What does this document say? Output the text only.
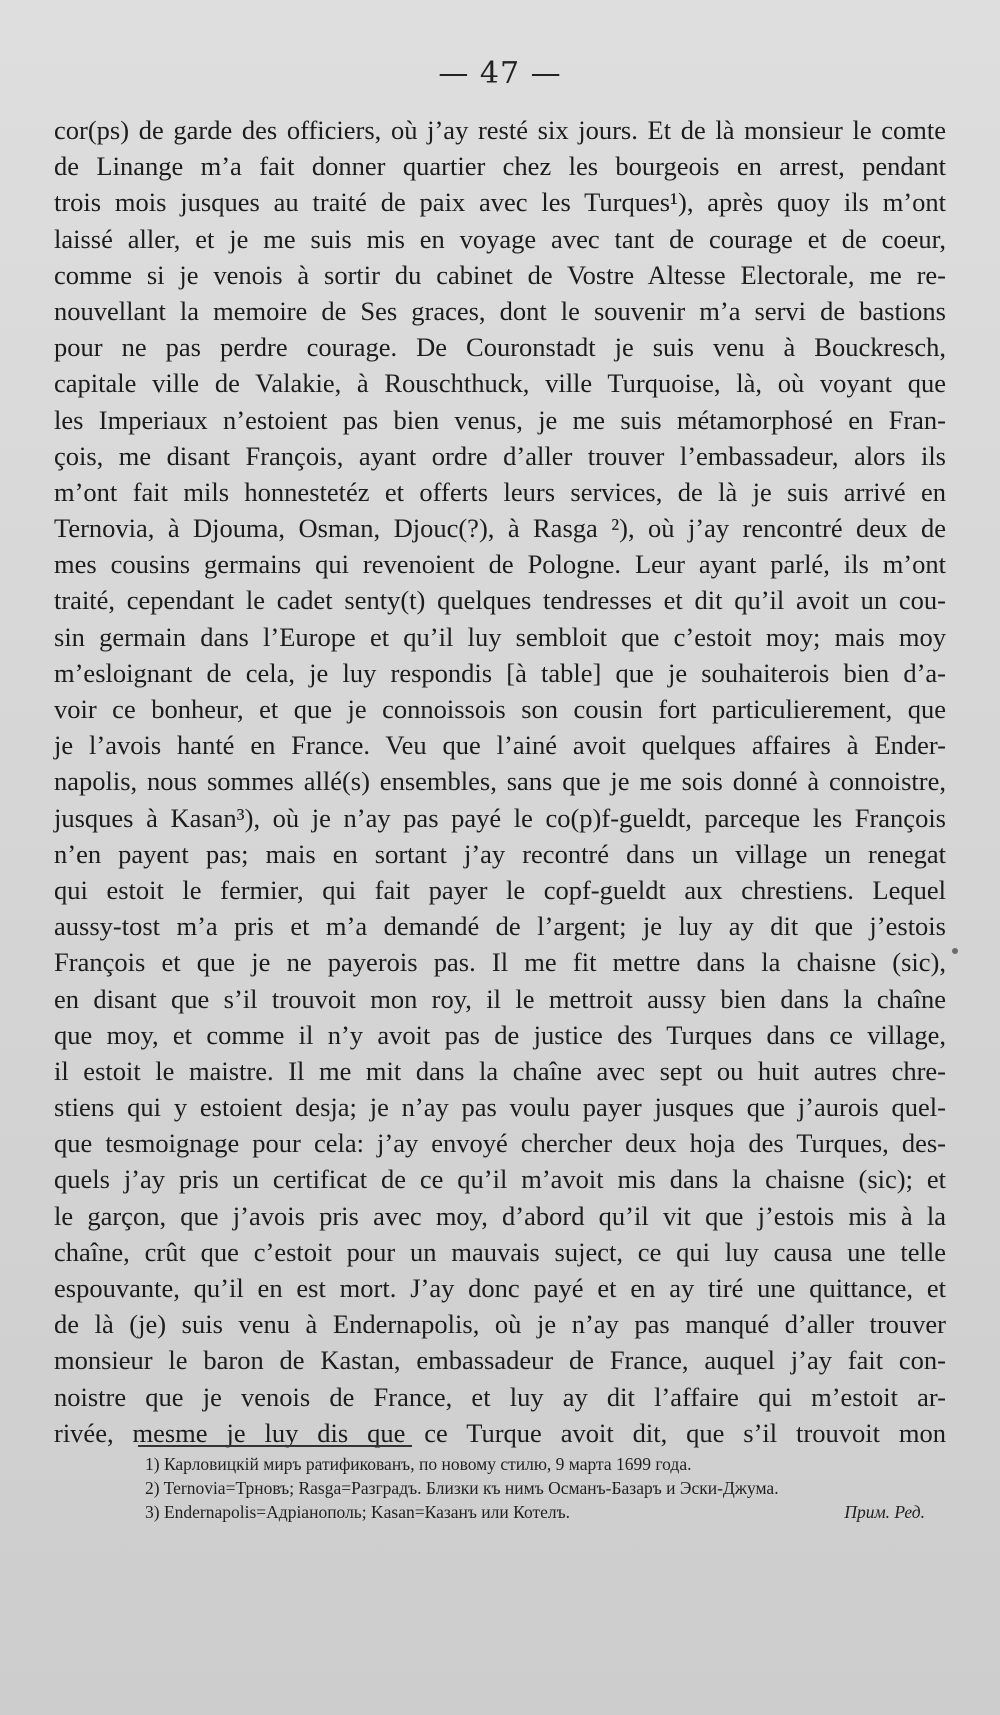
— 47 —
cor(ps) de garde des officiers, où j’ay resté six jours. Et de là monsieur le comte
de Linange m’a fait donner quartier chez les bourgeois en arrest, pendant
trois mois jusques au traité de paix avec les Turques¹), après quoy ils m’ont
laissé aller, et je me suis mis en voyage avec tant de courage et de coeur,
comme si je venois à sortir du cabinet de Vostre Altesse Electorale, me re-
nouvellant la memoire de Ses graces, dont le souvenir m’a servi de bastions
pour ne pas perdre courage. De Couronstadt je suis venu à Bouckresch,
capitale ville de Valakie, à Rouschthuck, ville Turquoise, là, où voyant que
les Imperiaux n’estoient pas bien venus, je me suis métamorphosé en Fran-
çois, me disant François, ayant ordre d’aller trouver l’embassadeur, alors ils
m’ont fait mils honnestetéz et offerts leurs services, de là je suis arrivé en
Ternovia, à Djouma, Osman, Djouc(?), à Rasga ²), où j’ay rencontré deux de
mes cousins germains qui revenoient de Pologne. Leur ayant parlé, ils m’ont
traité, cependant le cadet senty(t) quelques tendresses et dit qu’il avoit un cou-
sin germain dans l’Europe et qu’il luy sembloit que c’estoit moy; mais moy
m’esloignant de cela, je luy respondis [à table] que je souhaiterois bien d’a-
voir ce bonheur, et que je connoissois son cousin fort particulierement, que
je l’avois hanté en France. Veu que l’ainé avoit quelques affaires à Ender-
napolis, nous sommes allé(s) ensembles, sans que je me sois donné à connoistre,
jusques à Kasan³), où je n’ay pas payé le co(p)f-gueldt, parceque les François
n’en payent pas; mais en sortant j’ay recontré dans un village un renegat
qui estoit le fermier, qui fait payer le copf-gueldt aux chrestiens. Lequel
aussy-tost m’a pris et m’a demandé de l’argent; je luy ay dit que j’estois
François et que je ne payerois pas. Il me fit mettre dans la chaisne (sic),
en disant que s’il trouvoit mon roy, il le mettroit aussy bien dans la chaîne
que moy, et comme il n’y avoit pas de justice des Turques dans ce village,
il estoit le maistre. Il me mit dans la chaîne avec sept ou huit autres chre-
stiens qui y estoient desja; je n’ay pas voulu payer jusques que j’aurois quel-
que tesmoignage pour cela: j’ay envoyé chercher deux hoja des Turques, des-
quels j’ay pris un certificat de ce qu’il m’avoit mis dans la chaisne (sic); et
le garçon, que j’avois pris avec moy, d’abord qu’il vit que j’estois mis à la
chaîne, crût que c’estoit pour un mauvais suject, ce qui luy causa une telle
espouvante, qu’il en est mort. J’ay donc payé et en ay tiré une quittance, et
de là (je) suis venu à Endernapolis, où je n’ay pas manqué d’aller trouver
monsieur le baron de Kastan, embassadeur de France, auquel j’ay fait con-
noistre que je venois de France, et luy ay dit l’affaire qui m’estoit ar-
rivée, mesme je luy dis que ce Turque avoit dit, que s’il trouvoit mon
1) Карловицкій миръ ратификованъ, по новому стилю, 9 марта 1699 года.
2) Ternovia=Трновъ; Rasga=Разградъ. Близки къ нимъ Османъ-Базаръ и Эски-Джума.
3) Endernapolis=Адріанополь; Kasan=Казанъ или Котелъ.	Прим. Ред.
